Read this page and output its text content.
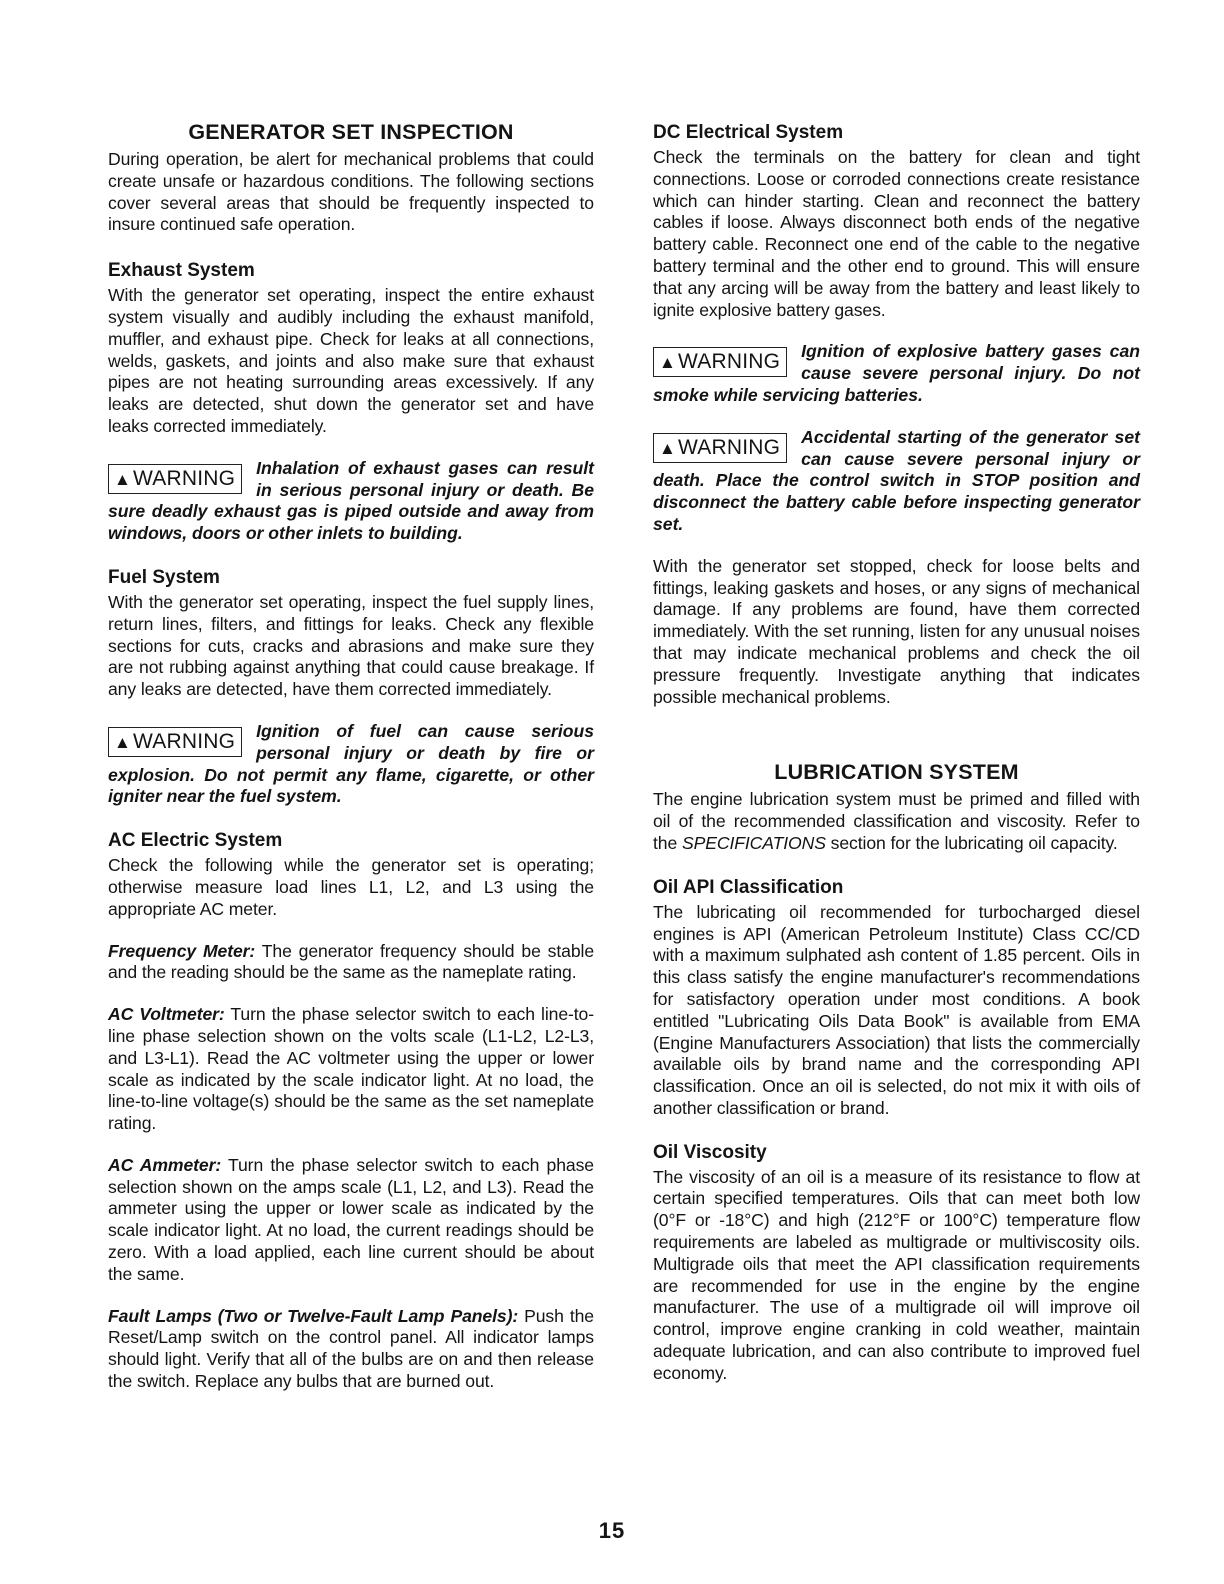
GENERATOR SET INSPECTION

During operation, be alert for mechanical problems that could create unsafe or hazardous conditions. The following sections cover several areas that should be frequently inspected to insure continued safe operation.

Exhaust System

With the generator set operating, inspect the entire exhaust system visually and audibly including the exhaust manifold, muffler, and exhaust pipe. Check for leaks at all connections, welds, gaskets, and joints and also make sure that exhaust pipes are not heating surrounding areas excessively. If any leaks are detected, shut down the generator set and have leaks corrected immediately.

▲WARNING	Inhalation of exhaust gases can result in serious personal injury or death. Be sure deadly exhaust gas is piped outside and away from windows, doors or other inlets to building.
Fuel System

With the generator set operating, inspect the fuel supply lines, return lines, filters, and fittings for leaks. Check any flexible sections for cuts, cracks and abrasions and make sure they are not rubbing against anything that could cause breakage. If any leaks are detected, have them corrected immediately.

▲WARNING	Ignition of fuel can cause serious personal injury or death by fire or explosion. Do not permit any flame, cigarette, or other igniter near the fuel system.
AC Electric System

Check the following while the generator set is operating; otherwise measure load lines L1, L2, and L3 using the appropriate AC meter.

Frequency Meter: The generator frequency should be stable and the reading should be the same as the nameplate rating.

AC Voltmeter: Turn the phase selector switch to each line-to-line phase selection shown on the volts scale (L1-L2, L2-L3, and L3-L1). Read the AC voltmeter using the upper or lower scale as indicated by the scale indicator light. At no load, the line-to-line voltage(s) should be the same as the set nameplate rating.

AC Ammeter: Turn the phase selector switch to each phase selection shown on the amps scale (L1, L2, and L3). Read the ammeter using the upper or lower scale as indicated by the scale indicator light. At no load, the current readings should be zero. With a load applied, each line current should be about the same.

Fault Lamps (Two or Twelve-Fault Lamp Panels): Push the Reset/Lamp switch on the control panel. All indicator lamps should light. Verify that all of the bulbs are on and then release the switch. Replace any bulbs that are burned out.

DC Electrical System

Check the terminals on the battery for clean and tight connections. Loose or corroded connections create resistance which can hinder starting. Clean and reconnect the battery cables if loose. Always disconnect both ends of the negative battery cable. Reconnect one end of the cable to the negative battery terminal and the other end to ground. This will ensure that any arcing will be away from the battery and least likely to ignite explosive battery gases.

▲WARNING	Ignition of explosive battery gases can cause severe personal injury. Do not smoke while servicing batteries.
▲WARNING	Accidental starting of the generator set can cause severe personal injury or death. Place the control switch in STOP position and disconnect the battery cable before inspecting generator set.

With the generator set stopped, check for loose belts and fittings, leaking gaskets and hoses, or any signs of mechanical damage. If any problems are found, have them corrected immediately. With the set running, listen for any unusual noises that may indicate mechanical problems and check the oil pressure frequently. Investigate anything that indicates possible mechanical problems.

LUBRICATION SYSTEM

The engine lubrication system must be primed and filled with oil of the recommended classification and viscosity. Refer to the SPECIFICATIONS section for the lubricating oil capacity.

Oil API Classification

The lubricating oil recommended for turbocharged diesel engines is API (American Petroleum Institute) Class CC/CD with a maximum sulphated ash content of 1.85 percent. Oils in this class satisfy the engine manufacturer's recommendations for satisfactory operation under most conditions. A book entitled "Lubricating Oils Data Book" is available from EMA (Engine Manufacturers Association) that lists the commercially available oils by brand name and the corresponding API classification. Once an oil is selected, do not mix it with oils of another classification or brand.

Oil Viscosity

The viscosity of an oil is a measure of its resistance to flow at certain specified temperatures. Oils that can meet both low (0°F or -18°C) and high (212°F or 100°C) temperature flow requirements are labeled as multigrade or multiviscosity oils. Multigrade oils that meet the API classification requirements are recommended for use in the engine by the engine manufacturer. The use of a multigrade oil will improve oil control, improve engine cranking in cold weather, maintain adequate lubrication, and can also contribute to improved fuel economy.

15
